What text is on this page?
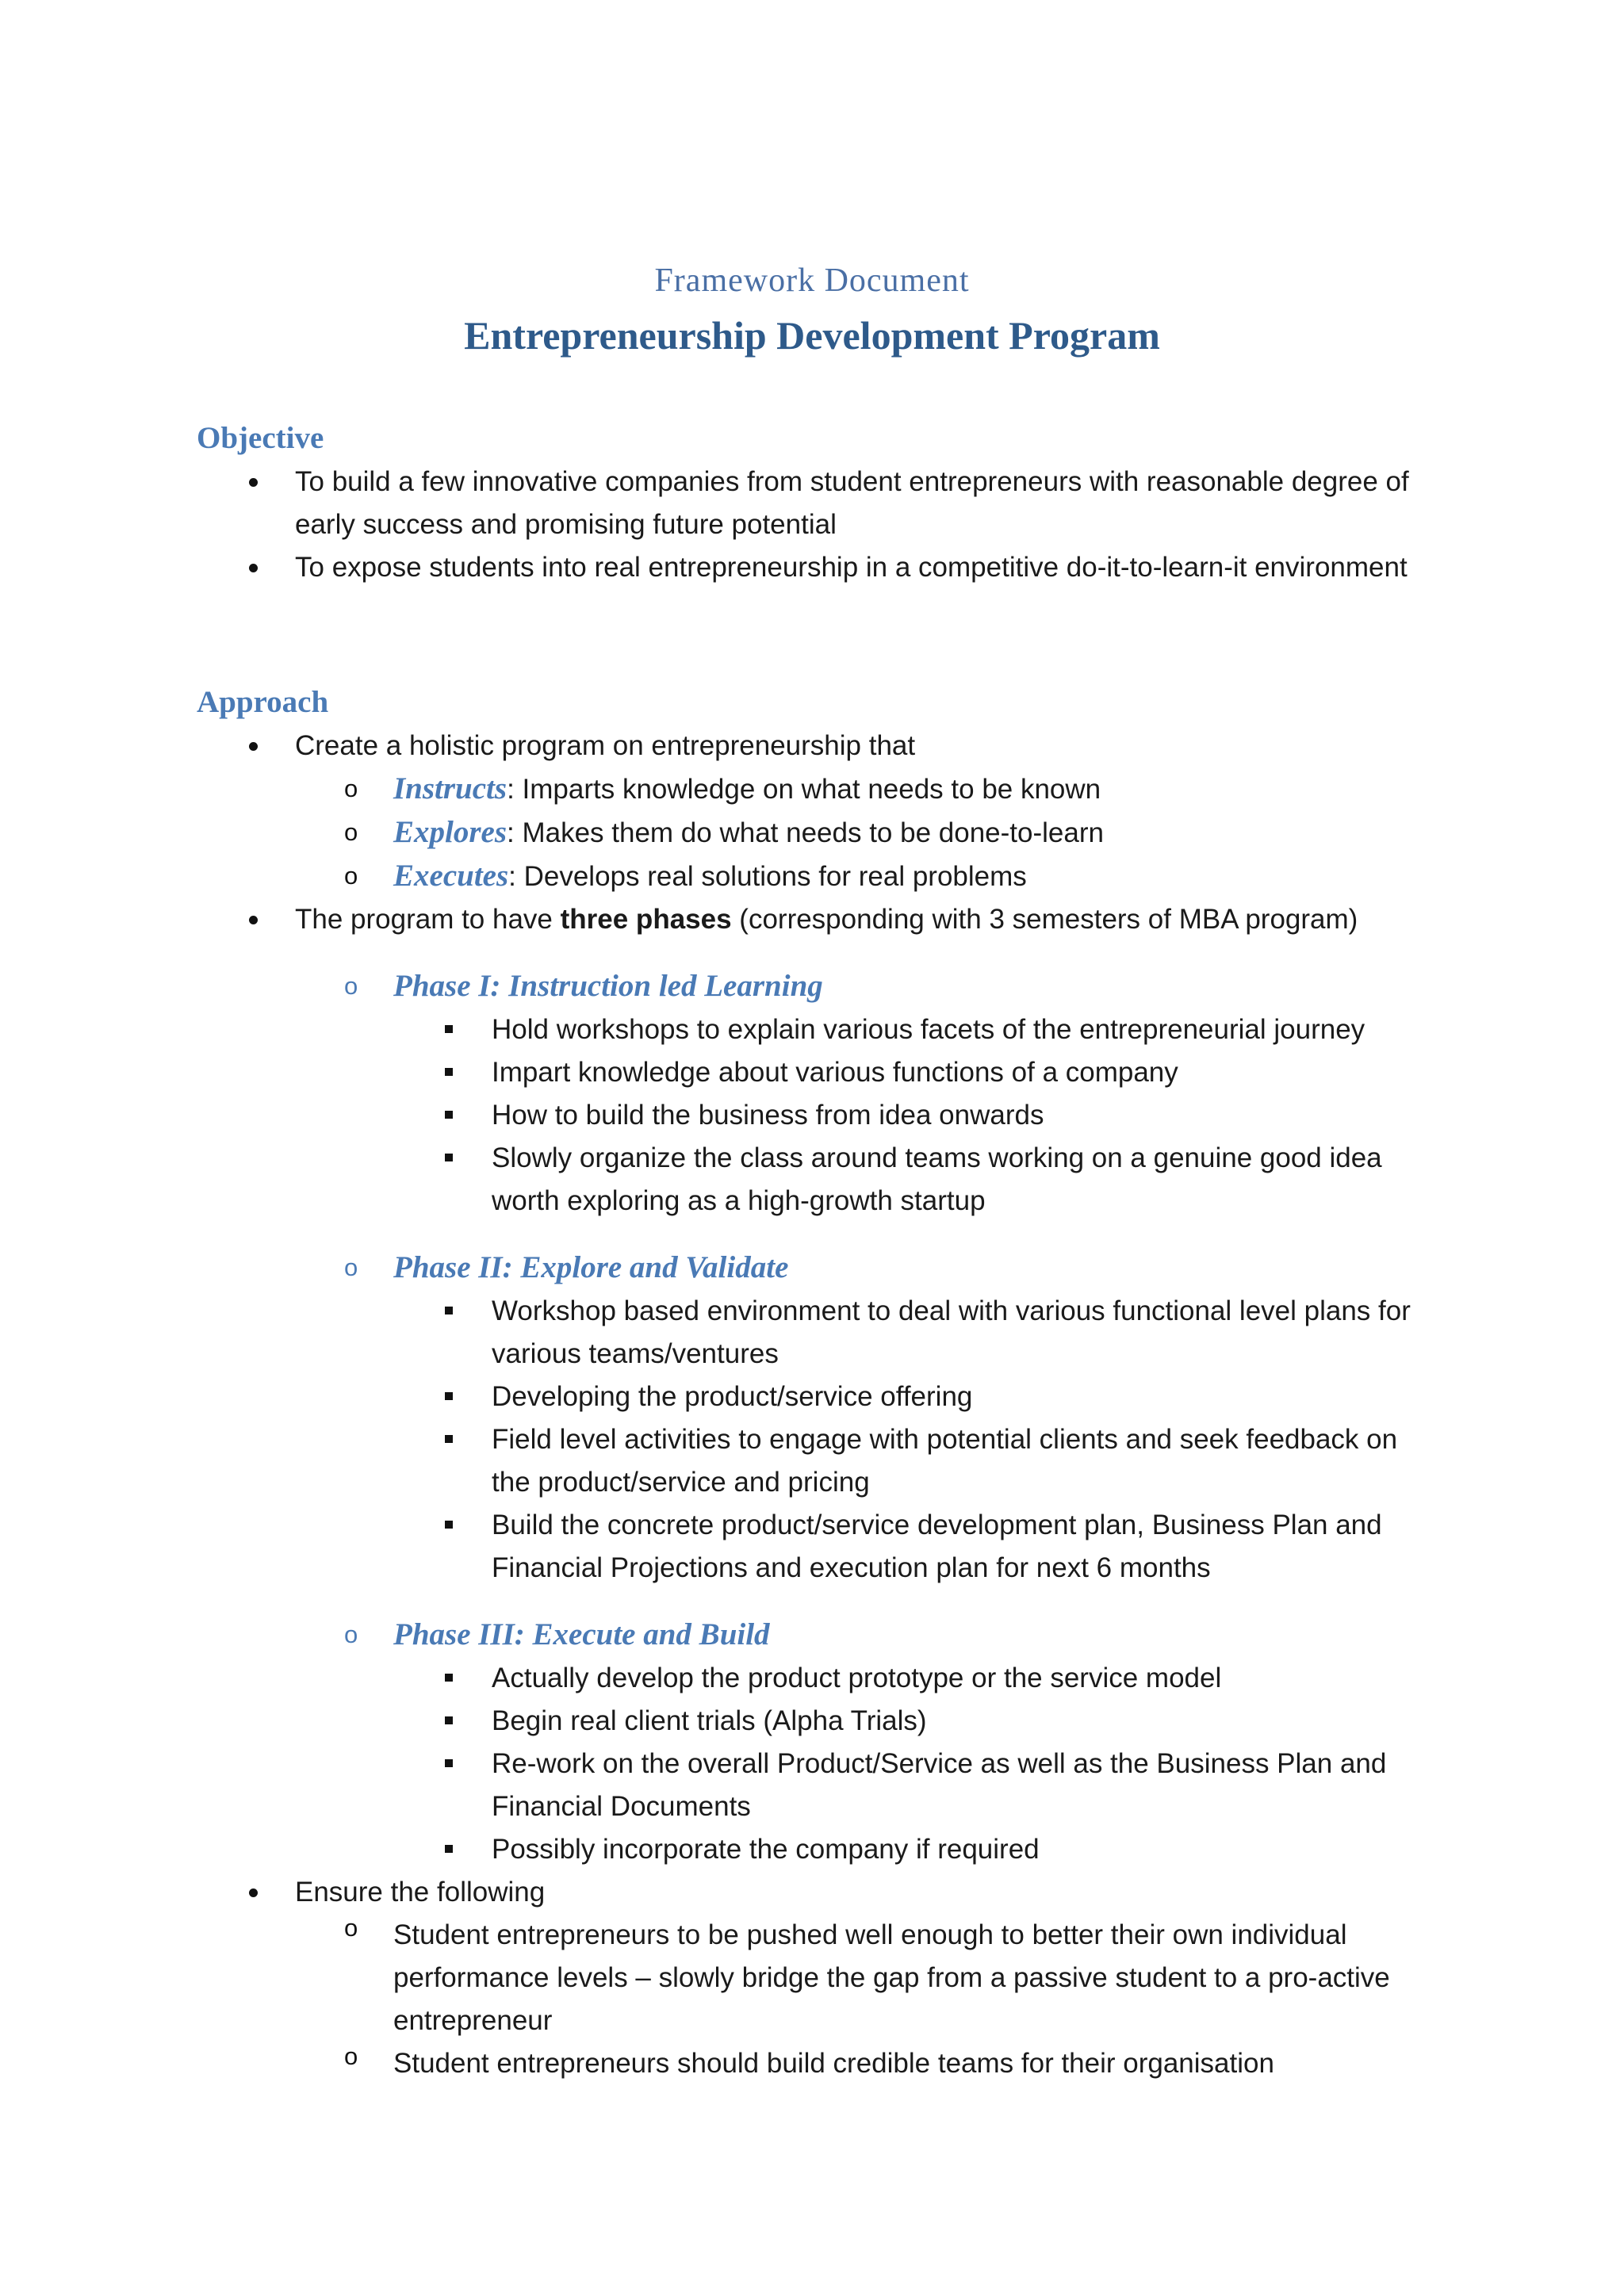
Framework Document

Entrepreneurship Development Program

Objective

To build a few innovative companies from student entrepreneurs with reasonable degree of
early success and promising future potential
To expose students into real entrepreneurship in a competitive do-it-to-learn-it environment

Approach

Create a holistic program on entrepreneurship that
o Instructs: Imparts knowledge on what needs to be known
o Explores: Makes them do what needs to be done-to-learn
o Executes: Develops real solutions for real problems
The program to have three phases (corresponding with 3 semesters of MBA program)
o Phase I: Instruction led Learning
Hold workshops to explain various facets of the entrepreneurial journey
Impart knowledge about various functions of a company
How to build the business from idea onwards
Slowly organize the class around teams working on a genuine good idea
worth exploring as a high-growth startup
o Phase II: Explore and Validate
Workshop based environment to deal with various functional level plans for
various teams/ventures
Developing the product/service offering
Field level activities to engage with potential clients and seek feedback on
the product/service and pricing
Build the concrete product/service development plan, Business Plan and
Financial Projections and execution plan for next 6 months
o Phase III: Execute and Build
Actually develop the product prototype or the service model
Begin real client trials (Alpha Trials)
Re-work on the overall Product/Service as well as the Business Plan and
Financial Documents
Possibly incorporate the company if required
Ensure the following
o Student entrepreneurs to be pushed well enough to better their own individual
performance levels – slowly bridge the gap from a passive student to a pro-active
entrepreneur
o Student entrepreneurs should build credible teams for their organisation
